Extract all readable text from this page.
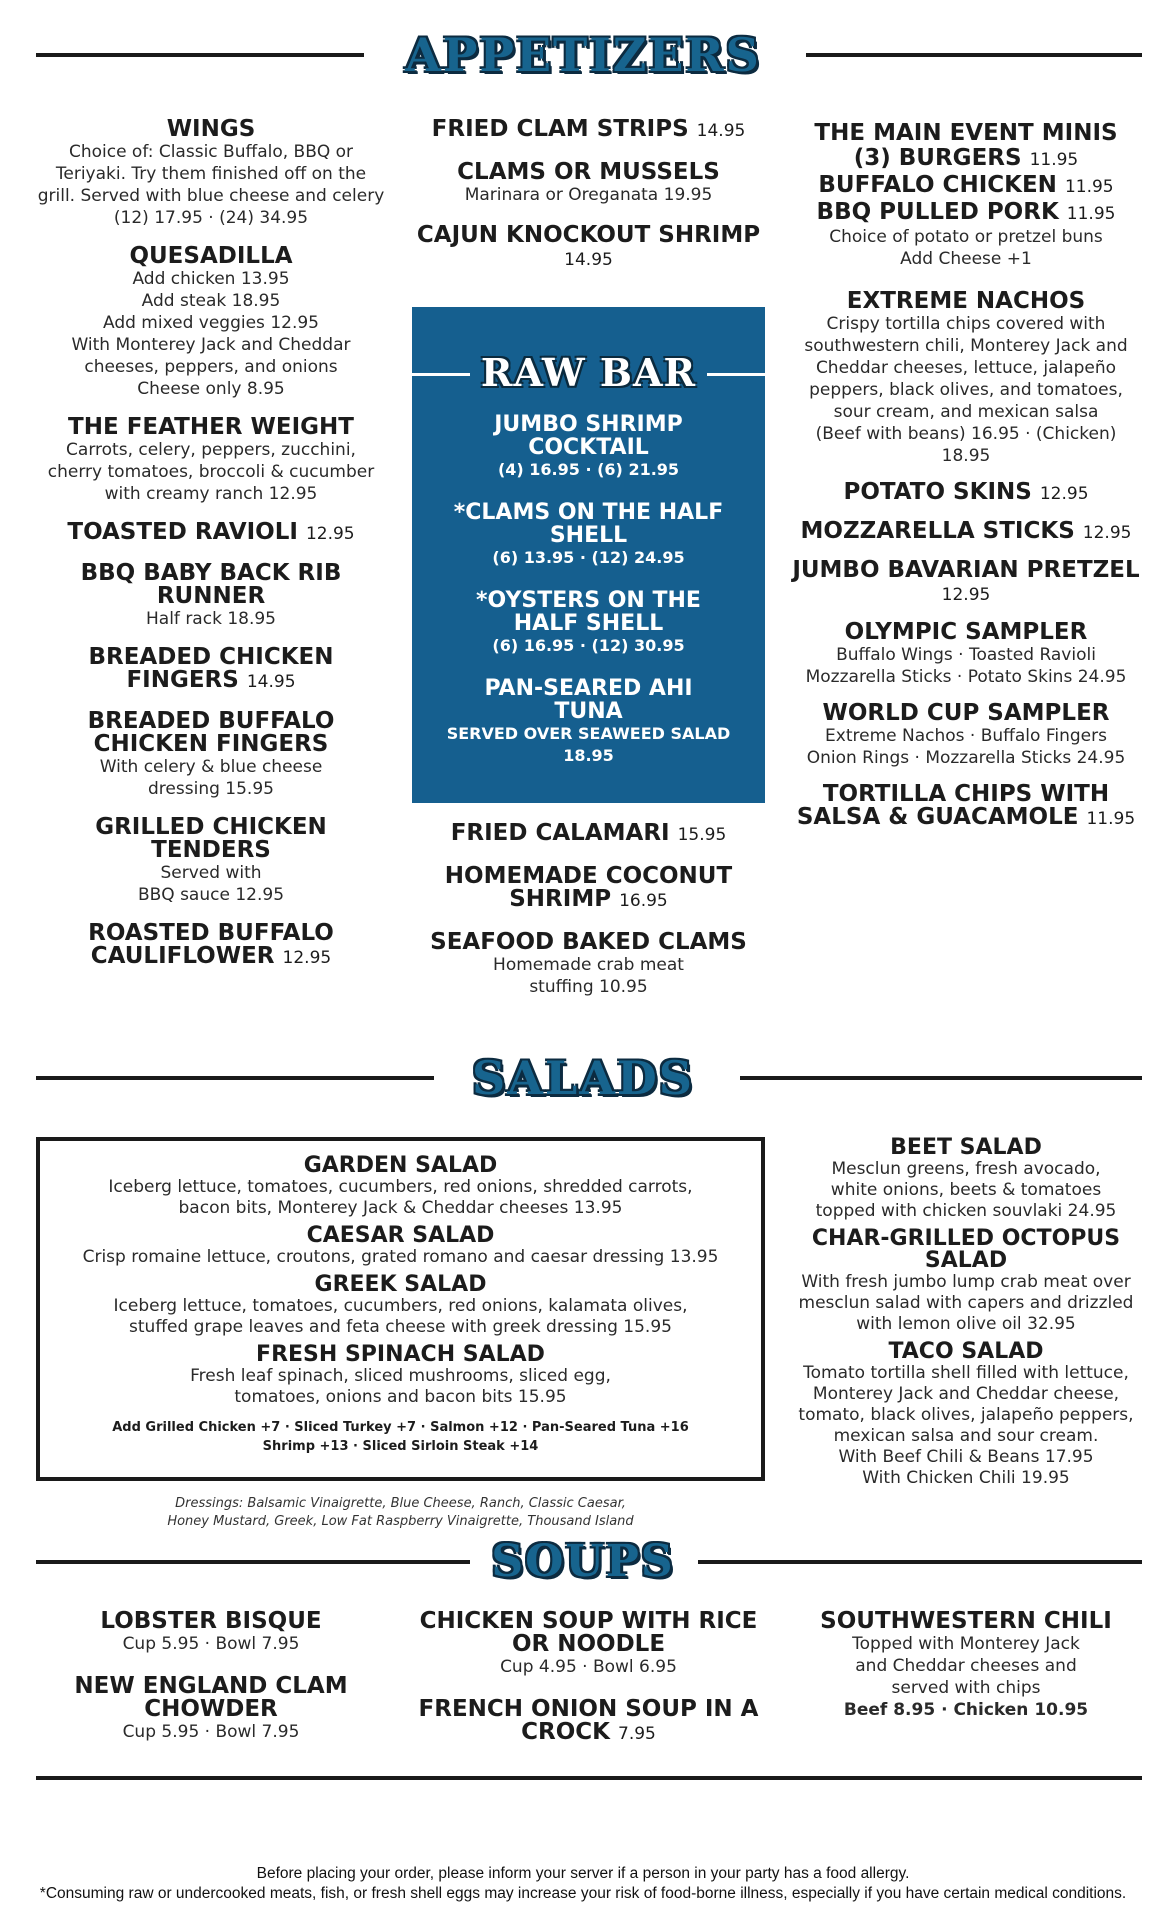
APPETIZERS
WINGS
Choice of: Classic Buffalo, BBQ or
Teriyaki. Try them finished off on the
grill. Served with blue cheese and celery
(12) 17.95 · (24) 34.95
QUESADILLA
Add chicken 13.95
Add steak 18.95
Add mixed veggies 12.95
With Monterey Jack and Cheddar
cheeses, peppers, and onions
Cheese only 8.95
THE FEATHER WEIGHT
Carrots, celery, peppers, zucchini,
cherry tomatoes, broccoli & cucumber
with creamy ranch 12.95
TOASTED RAVIOLI 12.95
BBQ BABY BACK RIB RUNNER
Half rack 18.95
BREADED CHICKEN FINGERS 14.95
BREADED BUFFALO CHICKEN FINGERS
With celery & blue cheese
dressing 15.95
GRILLED CHICKEN TENDERS
Served with
BBQ sauce 12.95
ROASTED BUFFALO CAULIFLOWER 12.95
FRIED CLAM STRIPS 14.95
CLAMS OR MUSSELS
Marinara or Oreganata 19.95
CAJUN KNOCKOUT SHRIMP 14.95
RAW BAR
JUMBO SHRIMP COCKTAIL
(4) 16.95 · (6) 21.95
*CLAMS ON THE HALF SHELL
(6) 13.95 · (12) 24.95
*OYSTERS ON THE HALF SHELL
(6) 16.95 · (12) 30.95
PAN-SEARED AHI TUNA
SERVED OVER SEAWEED SALAD 18.95
FRIED CALAMARI 15.95
HOMEMADE COCONUT SHRIMP 16.95
SEAFOOD BAKED CLAMS
Homemade crab meat
stuffing 10.95
THE MAIN EVENT MINIS
(3) BURGERS 11.95
BUFFALO CHICKEN 11.95
BBQ PULLED PORK 11.95
Choice of potato or pretzel buns
Add Cheese +1
EXTREME NACHOS
Crispy tortilla chips covered with
southwestern chili, Monterey Jack and
Cheddar cheeses, lettuce, jalapeño
peppers, black olives, and tomatoes,
sour cream, and mexican salsa
(Beef with beans) 16.95 · (Chicken) 18.95
POTATO SKINS 12.95
MOZZARELLA STICKS 12.95
JUMBO BAVARIAN PRETZEL 12.95
OLYMPIC SAMPLER
Buffalo Wings · Toasted Ravioli
Mozzarella Sticks · Potato Skins 24.95
WORLD CUP SAMPLER
Extreme Nachos · Buffalo Fingers
Onion Rings · Mozzarella Sticks 24.95
TORTILLA CHIPS WITH SALSA & GUACAMOLE 11.95
SALADS
GARDEN SALAD
Iceberg lettuce, tomatoes, cucumbers, red onions, shredded carrots,
bacon bits, Monterey Jack & Cheddar cheeses 13.95
CAESAR SALAD
Crisp romaine lettuce, croutons, grated romano and caesar dressing 13.95
GREEK SALAD
Iceberg lettuce, tomatoes, cucumbers, red onions, kalamata olives,
stuffed grape leaves and feta cheese with greek dressing 15.95
FRESH SPINACH SALAD
Fresh leaf spinach, sliced mushrooms, sliced egg,
tomatoes, onions and bacon bits 15.95
Add Grilled Chicken +7 · Sliced Turkey +7 · Salmon +12 · Pan-Seared Tuna +16
Shrimp +13 · Sliced Sirloin Steak +14
Dressings: Balsamic Vinaigrette, Blue Cheese, Ranch, Classic Caesar,
Honey Mustard, Greek, Low Fat Raspberry Vinaigrette, Thousand Island
BEET SALAD
Mesclun greens, fresh avocado,
white onions, beets & tomatoes
topped with chicken souvlaki 24.95
CHAR-GRILLED OCTOPUS SALAD
With fresh jumbo lump crab meat over
mesclun salad with capers and drizzled
with lemon olive oil 32.95
TACO SALAD
Tomato tortilla shell filled with lettuce,
Monterey Jack and Cheddar cheese,
tomato, black olives, jalapeño peppers,
mexican salsa and sour cream.
With Beef Chili & Beans 17.95
With Chicken Chili 19.95
SOUPS
LOBSTER BISQUE
Cup 5.95 · Bowl 7.95
NEW ENGLAND CLAM CHOWDER
Cup 5.95 · Bowl 7.95
CHICKEN SOUP WITH RICE OR NOODLE
Cup 4.95 · Bowl 6.95
FRENCH ONION SOUP IN A CROCK 7.95
SOUTHWESTERN CHILI
Topped with Monterey Jack
and Cheddar cheeses and
served with chips
Beef 8.95 · Chicken 10.95
Before placing your order, please inform your server if a person in your party has a food allergy.
*Consuming raw or undercooked meats, fish, or fresh shell eggs may increase your risk of food-borne illness, especially if you have certain medical conditions.
